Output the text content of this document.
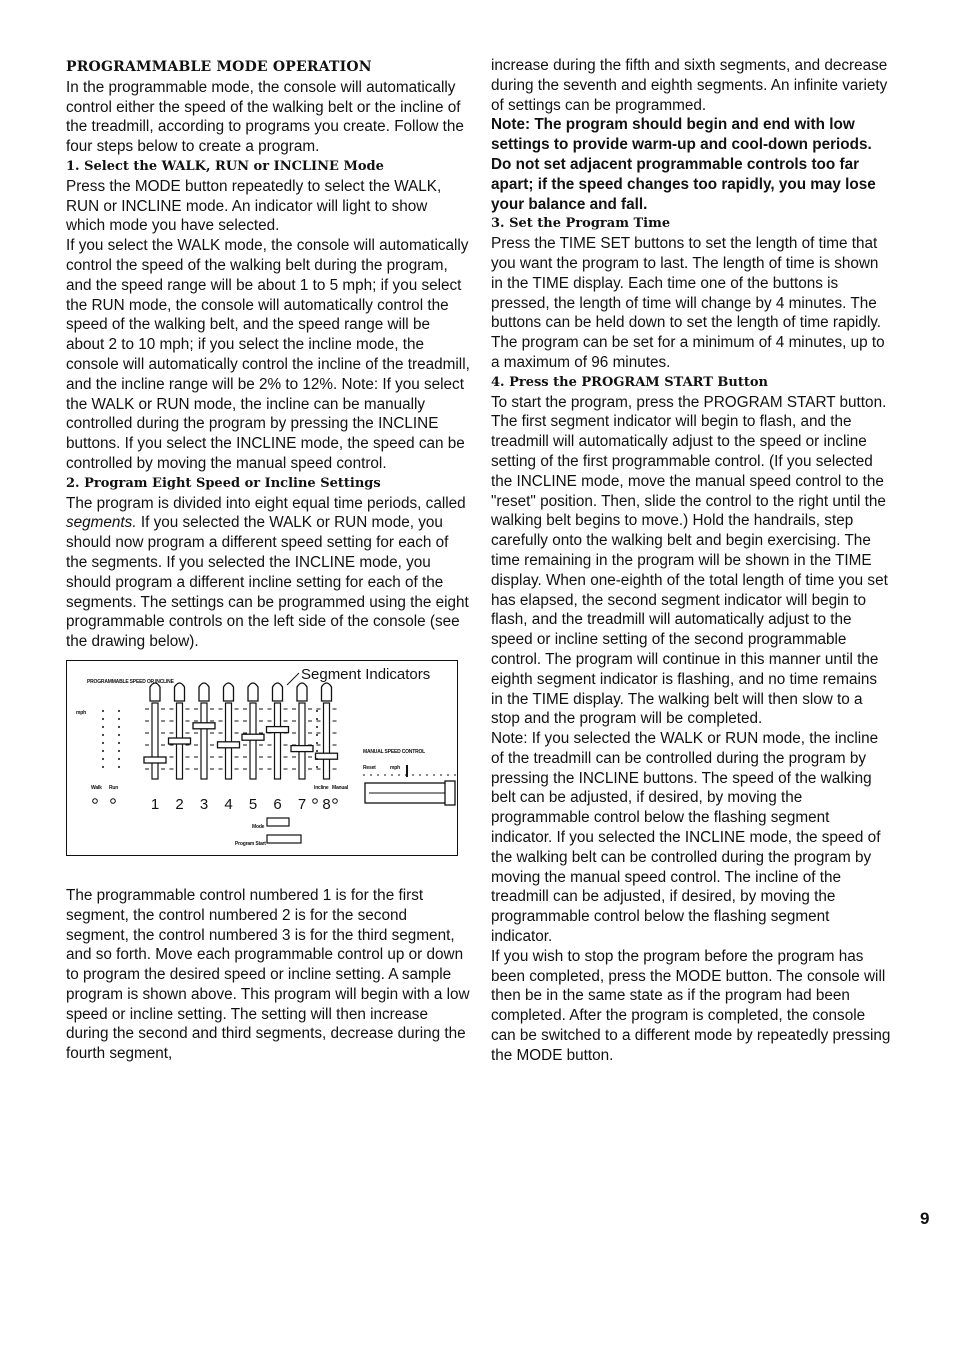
PROGRAMMABLE MODE OPERATION

In the programmable mode, the console will automatically control either the speed of the walking belt or the incline of the treadmill, according to programs you create. Follow the four steps below to create a program.

1. Select the WALK, RUN or INCLINE Mode

Press the MODE button repeatedly to select the WALK, RUN or INCLINE mode. An indicator will light to show which mode you have selected.

If you select the WALK mode, the console will automatically control the speed of the walking belt during the program, and the speed range will be about 1 to 5 mph; if you select the RUN mode, the console will automatically control the speed of the walking belt, and the speed range will be about 2 to 10 mph; if you select the incline mode, the console will automatically control the incline of the treadmill, and the incline range will be 2% to 12%. Note: If you select the WALK or RUN mode, the incline can be manually controlled during the program by pressing the INCLINE buttons. If you select the INCLINE mode, the speed can be controlled by moving the manual speed control.

2. Program Eight Speed or Incline Settings

The program is divided into eight equal time periods, called segments. If you selected the WALK or RUN mode, you should now program a different speed setting for each of the segments. If you selected the INCLINE mode, you should program a different incline setting for each of the segments. The settings can be programmed using the eight programmable controls on the left side of the console (see the drawing below).

1 2 3 4 5 6 7 8
Segment Indicators
PROGRAMMABLE SPEED OR INCLINE
MANUAL SPEED CONTROL
Reset	mph
mph
Walk Run	Incline Manual
Mode
Program Start

The programmable control numbered 1 is for the first segment, the control numbered 2 is for the second segment, the control numbered 3 is for the third segment, and so forth. Move each programmable control up or down to program the desired speed or incline setting. A sample program is shown above. This program will begin with a low speed or incline setting. The setting will then increase during the second and third segments, decrease during the fourth segment,

increase during the fifth and sixth segments, and decrease during the seventh and eighth segments. An infinite variety of settings can be programmed.

Note: The program should begin and end with low settings to provide warm-up and cool-down periods. Do not set adjacent programmable controls too far apart; if the speed changes too rapidly, you may lose your balance and fall.

3. Set the Program Time

Press the TIME SET buttons to set the length of time that you want the program to last. The length of time is shown in the TIME display. Each time one of the buttons is pressed, the length of time will change by 4 minutes. The buttons can be held down to set the length of time rapidly. The program can be set for a minimum of 4 minutes, up to a maximum of 96 minutes.

4. Press the PROGRAM START Button

To start the program, press the PROGRAM START button. The first segment indicator will begin to flash, and the treadmill will automatically adjust to the speed or incline setting of the first programmable control. (If you selected the INCLINE mode, move the manual speed control to the "reset" position. Then, slide the control to the right until the walking belt begins to move.) Hold the handrails, step carefully onto the walking belt and begin exercising. The time remaining in the program will be shown in the TIME display. When one-eighth of the total length of time you set has elapsed, the second segment indicator will begin to flash, and the treadmill will automatically adjust to the speed or incline setting of the second programmable control. The program will continue in this manner until the eighth segment indicator is flashing, and no time remains in the TIME display. The walking belt will then slow to a stop and the program will be completed.

Note: If you selected the WALK or RUN mode, the incline of the treadmill can be controlled during the program by pressing the INCLINE buttons. The speed of the walking belt can be adjusted, if desired, by moving the programmable control below the flashing segment indicator. If you selected the INCLINE mode, the speed of the walking belt can be controlled during the program by moving the manual speed control. The incline of the treadmill can be adjusted, if desired, by moving the programmable control below the flashing segment indicator.

If you wish to stop the program before the program has been completed, press the MODE button. The console will then be in the same state as if the program had been completed. After the program is completed, the console can be switched to a different mode by repeatedly pressing the MODE button.

9
